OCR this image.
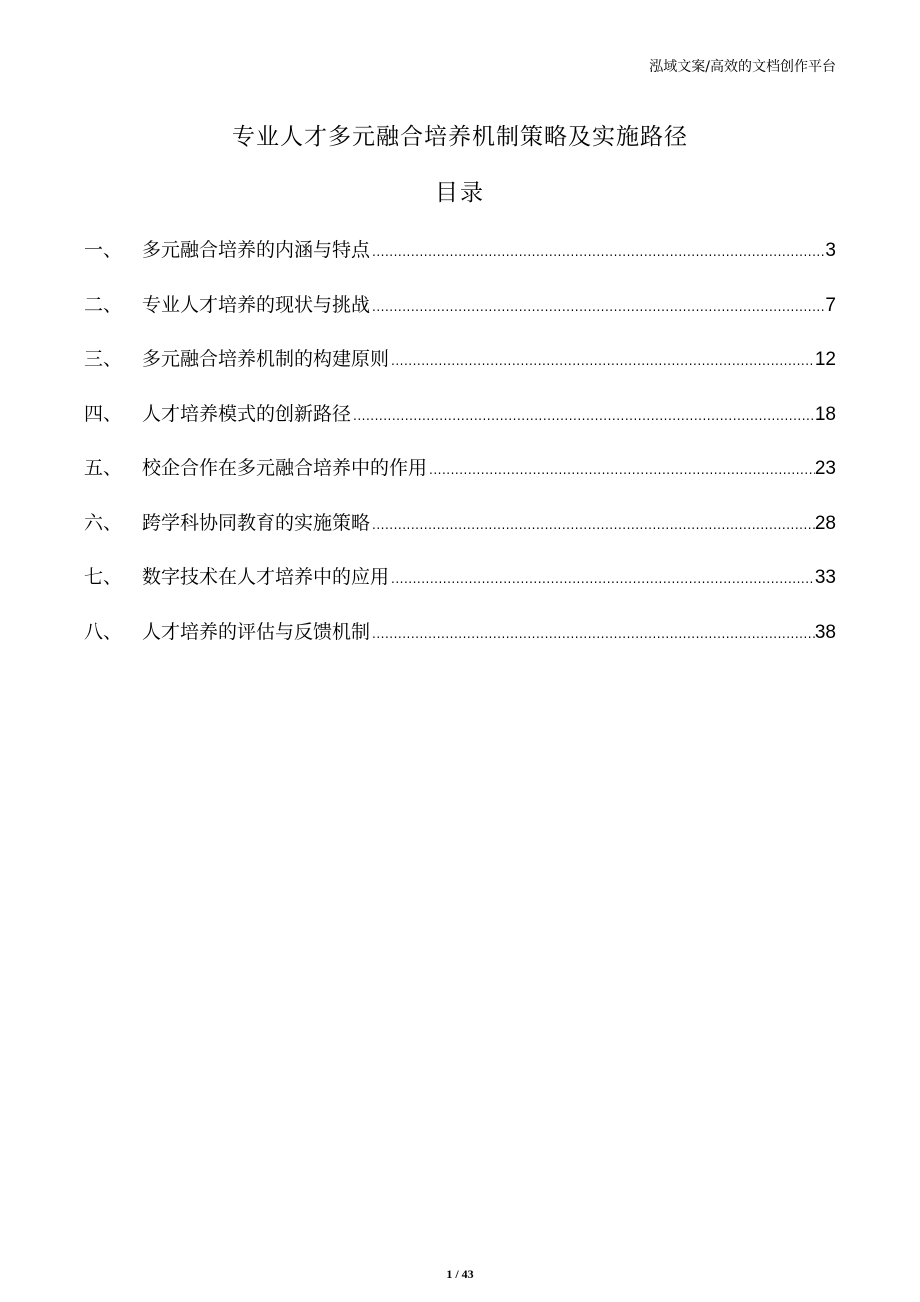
泓域文案/高效的文档创作平台
专业人才多元融合培养机制策略及实施路径
目录
一、	多元融合培养的内涵与特点 .....	3
二、	专业人才培养的现状与挑战 .....	7
三、	多元融合培养机制的构建原则 .....	12
四、	人才培养模式的创新路径 .....	18
五、	校企合作在多元融合培养中的作用 .....	23
六、	跨学科协同教育的实施策略 .....	28
七、	数字技术在人才培养中的应用 .....	33
八、	人才培养的评估与反馈机制 .....	38
1 / 43
